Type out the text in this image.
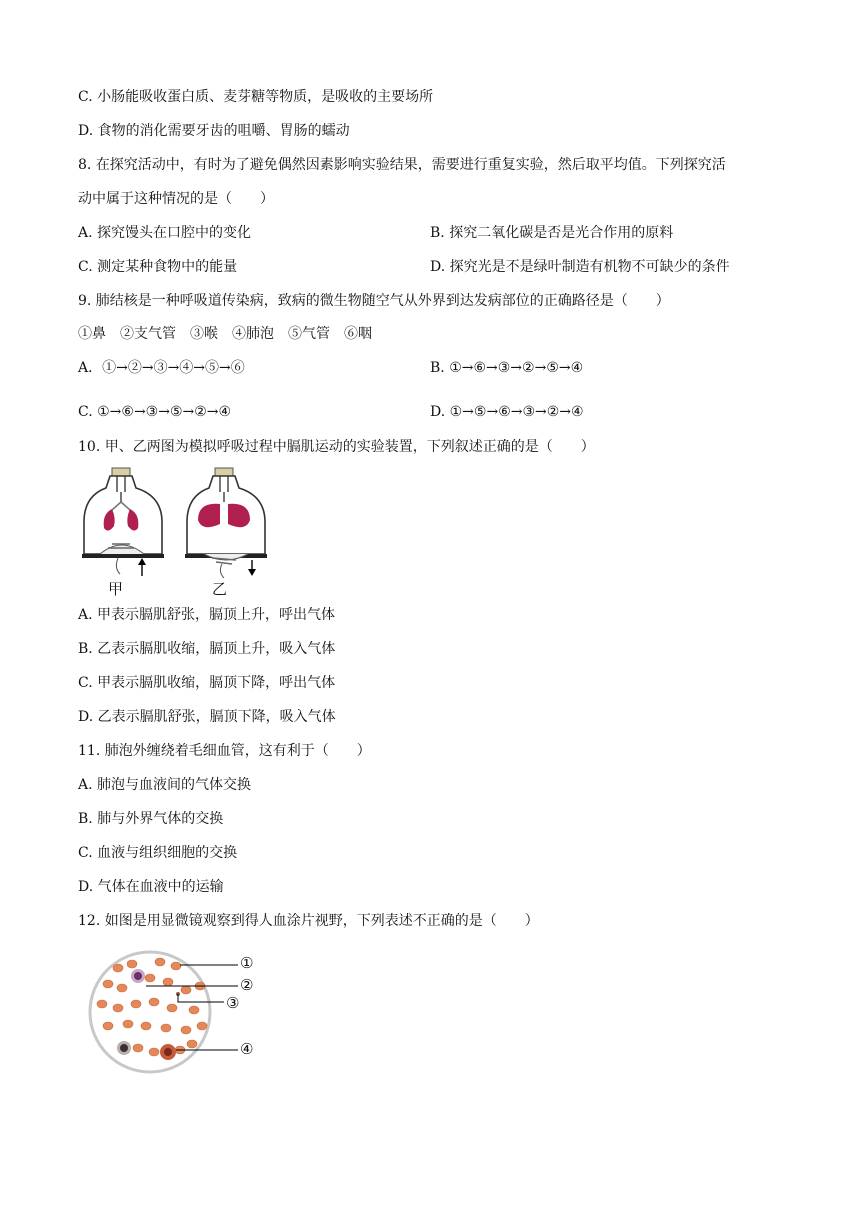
C. 小肠能吸收蛋白质、麦芽糖等物质，是吸收的主要场所
D. 食物的消化需要牙齿的咀嚼、胃肠的蠕动
8. 在探究活动中，有时为了避免偶然因素影响实验结果，需要进行重复实验，然后取平均值。下列探究活
动中属于这种情况的是（　　）
A. 探究馒头在口腔中的变化	B. 探究二氧化碳是否是光合作用的原料
C. 测定某种食物中的能量	D. 探究光是不是绿叶制造有机物不可缺少的条件
9. 肺结核是一种呼吸道传染病，致病的微生物随空气从外界到达发病部位的正确路径是（　　）
①鼻　②支气管　③喉　④肺泡　⑤气管　⑥咽
A．①→②→③→④→⑤→⑥	B. ①→⑥→③→②→⑤→④
C. ①→⑥→③→⑤→②→④	D. ①→⑤→⑥→③→②→④
10. 甲、乙两图为模拟呼吸过程中膈肌运动的实验装置，下列叙述正确的是（　　）
甲	乙
A. 甲表示膈肌舒张，膈顶上升，呼出气体
B. 乙表示膈肌收缩，膈顶上升，吸入气体
C. 甲表示膈肌收缩，膈顶下降，呼出气体
D. 乙表示膈肌舒张，膈顶下降，吸入气体
11. 肺泡外缠绕着毛细血管，这有利于（　　）
A. 肺泡与血液间的气体交换
B. 肺与外界气体的交换
C. 血液与组织细胞的交换
D. 气体在血液中的运输
12. 如图是用显微镜观察到得人血涂片视野，下列表述不正确的是（　　）
①
②
③
④
